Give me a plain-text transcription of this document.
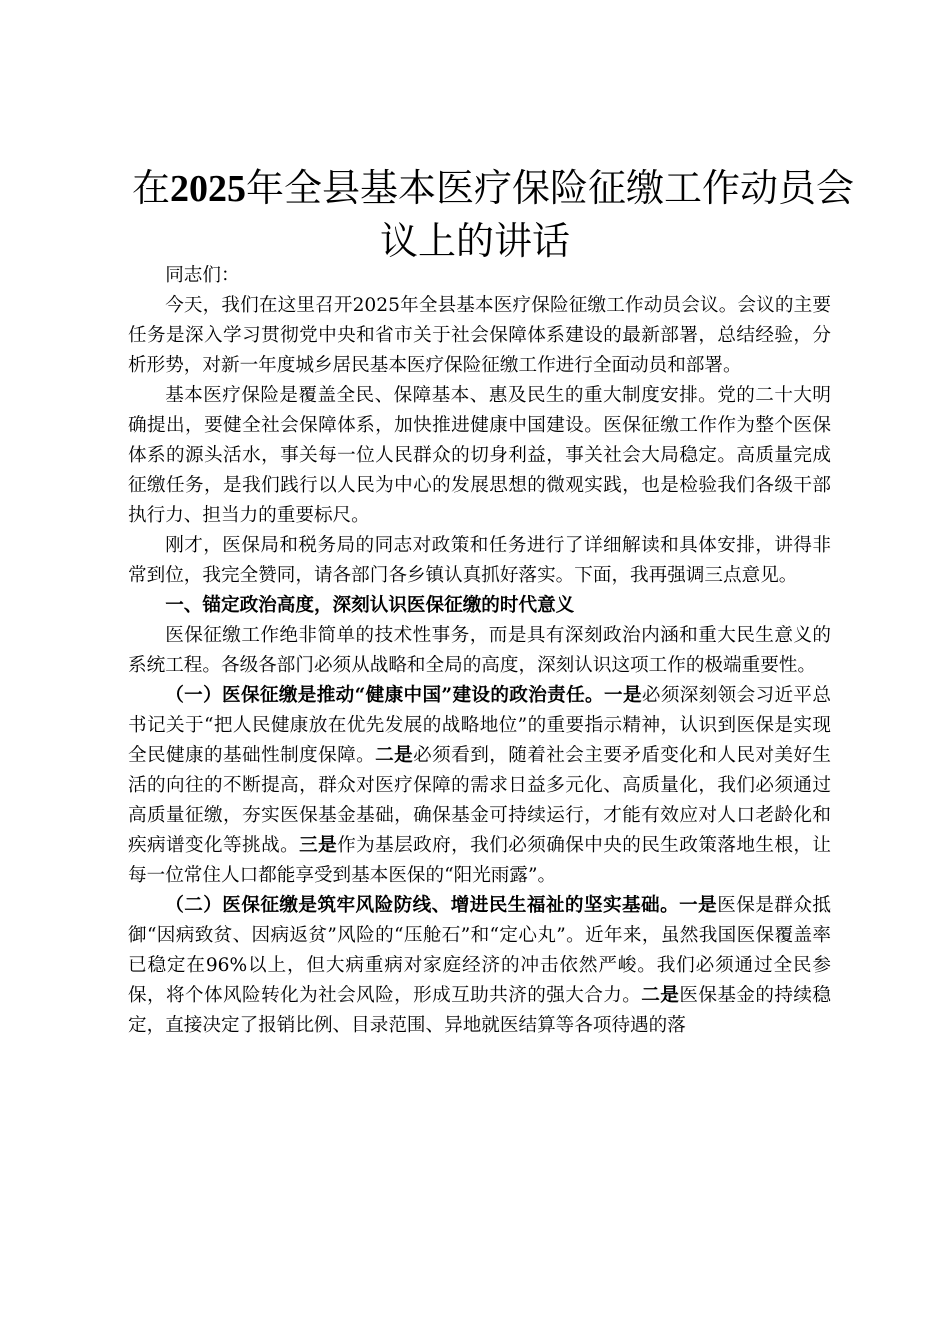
在2025年全县基本医疗保险征缴工作动员会
议上的讲话

同志们：

今天，我们在这里召开2025年全县基本医疗保险征缴工作动员会议。会议的主要任务是深入学习贯彻党中央和省市关于社会保障体系建设的最新部署，总结经验，分析形势，对新一年度城乡居民基本医疗保险征缴工作进行全面动员和部署。

基本医疗保险是覆盖全民、保障基本、惠及民生的重大制度安排。党的二十大明确提出，要健全社会保障体系，加快推进健康中国建设。医保征缴工作作为整个医保体系的源头活水，事关每一位人民群众的切身利益，事关社会大局稳定。高质量完成征缴任务，是我们践行以人民为中心的发展思想的微观实践，也是检验我们各级干部执行力、担当力的重要标尺。

刚才，医保局和税务局的同志对政策和任务进行了详细解读和具体安排，讲得非常到位，我完全赞同，请各部门各乡镇认真抓好落实。下面，我再强调三点意见。

一、锚定政治高度，深刻认识医保征缴的时代意义

医保征缴工作绝非简单的技术性事务，而是具有深刻政治内涵和重大民生意义的系统工程。各级各部门必须从战略和全局的高度，深刻认识这项工作的极端重要性。

（一）医保征缴是推动“健康中国”建设的政治责任。一是必须深刻领会习近平总书记关于“把人民健康放在优先发展的战略地位”的重要指示精神，认识到医保是实现全民健康的基础性制度保障。二是必须看到，随着社会主要矛盾变化和人民对美好生活的向往的不断提高，群众对医疗保障的需求日益多元化、高质量化，我们必须通过高质量征缴，夯实医保基金基础，确保基金可持续运行，才能有效应对人口老龄化和疾病谱变化等挑战。三是作为基层政府，我们必须确保中央的民生政策落地生根，让每一位常住人口都能享受到基本医保的“阳光雨露”。

（二）医保征缴是筑牢风险防线、增进民生福祉的坚实基础。一是医保是群众抵御“因病致贫、因病返贫”风险的“压舱石”和“定心丸”。近年来，虽然我国医保覆盖率已稳定在96%以上，但大病重病对家庭经济的冲击依然严峻。我们必须通过全民参保，将个体风险转化为社会风险，形成互助共济的强大合力。二是医保基金的持续稳定，直接决定了报销比例、目录范围、异地就医结算等各项待遇的落
